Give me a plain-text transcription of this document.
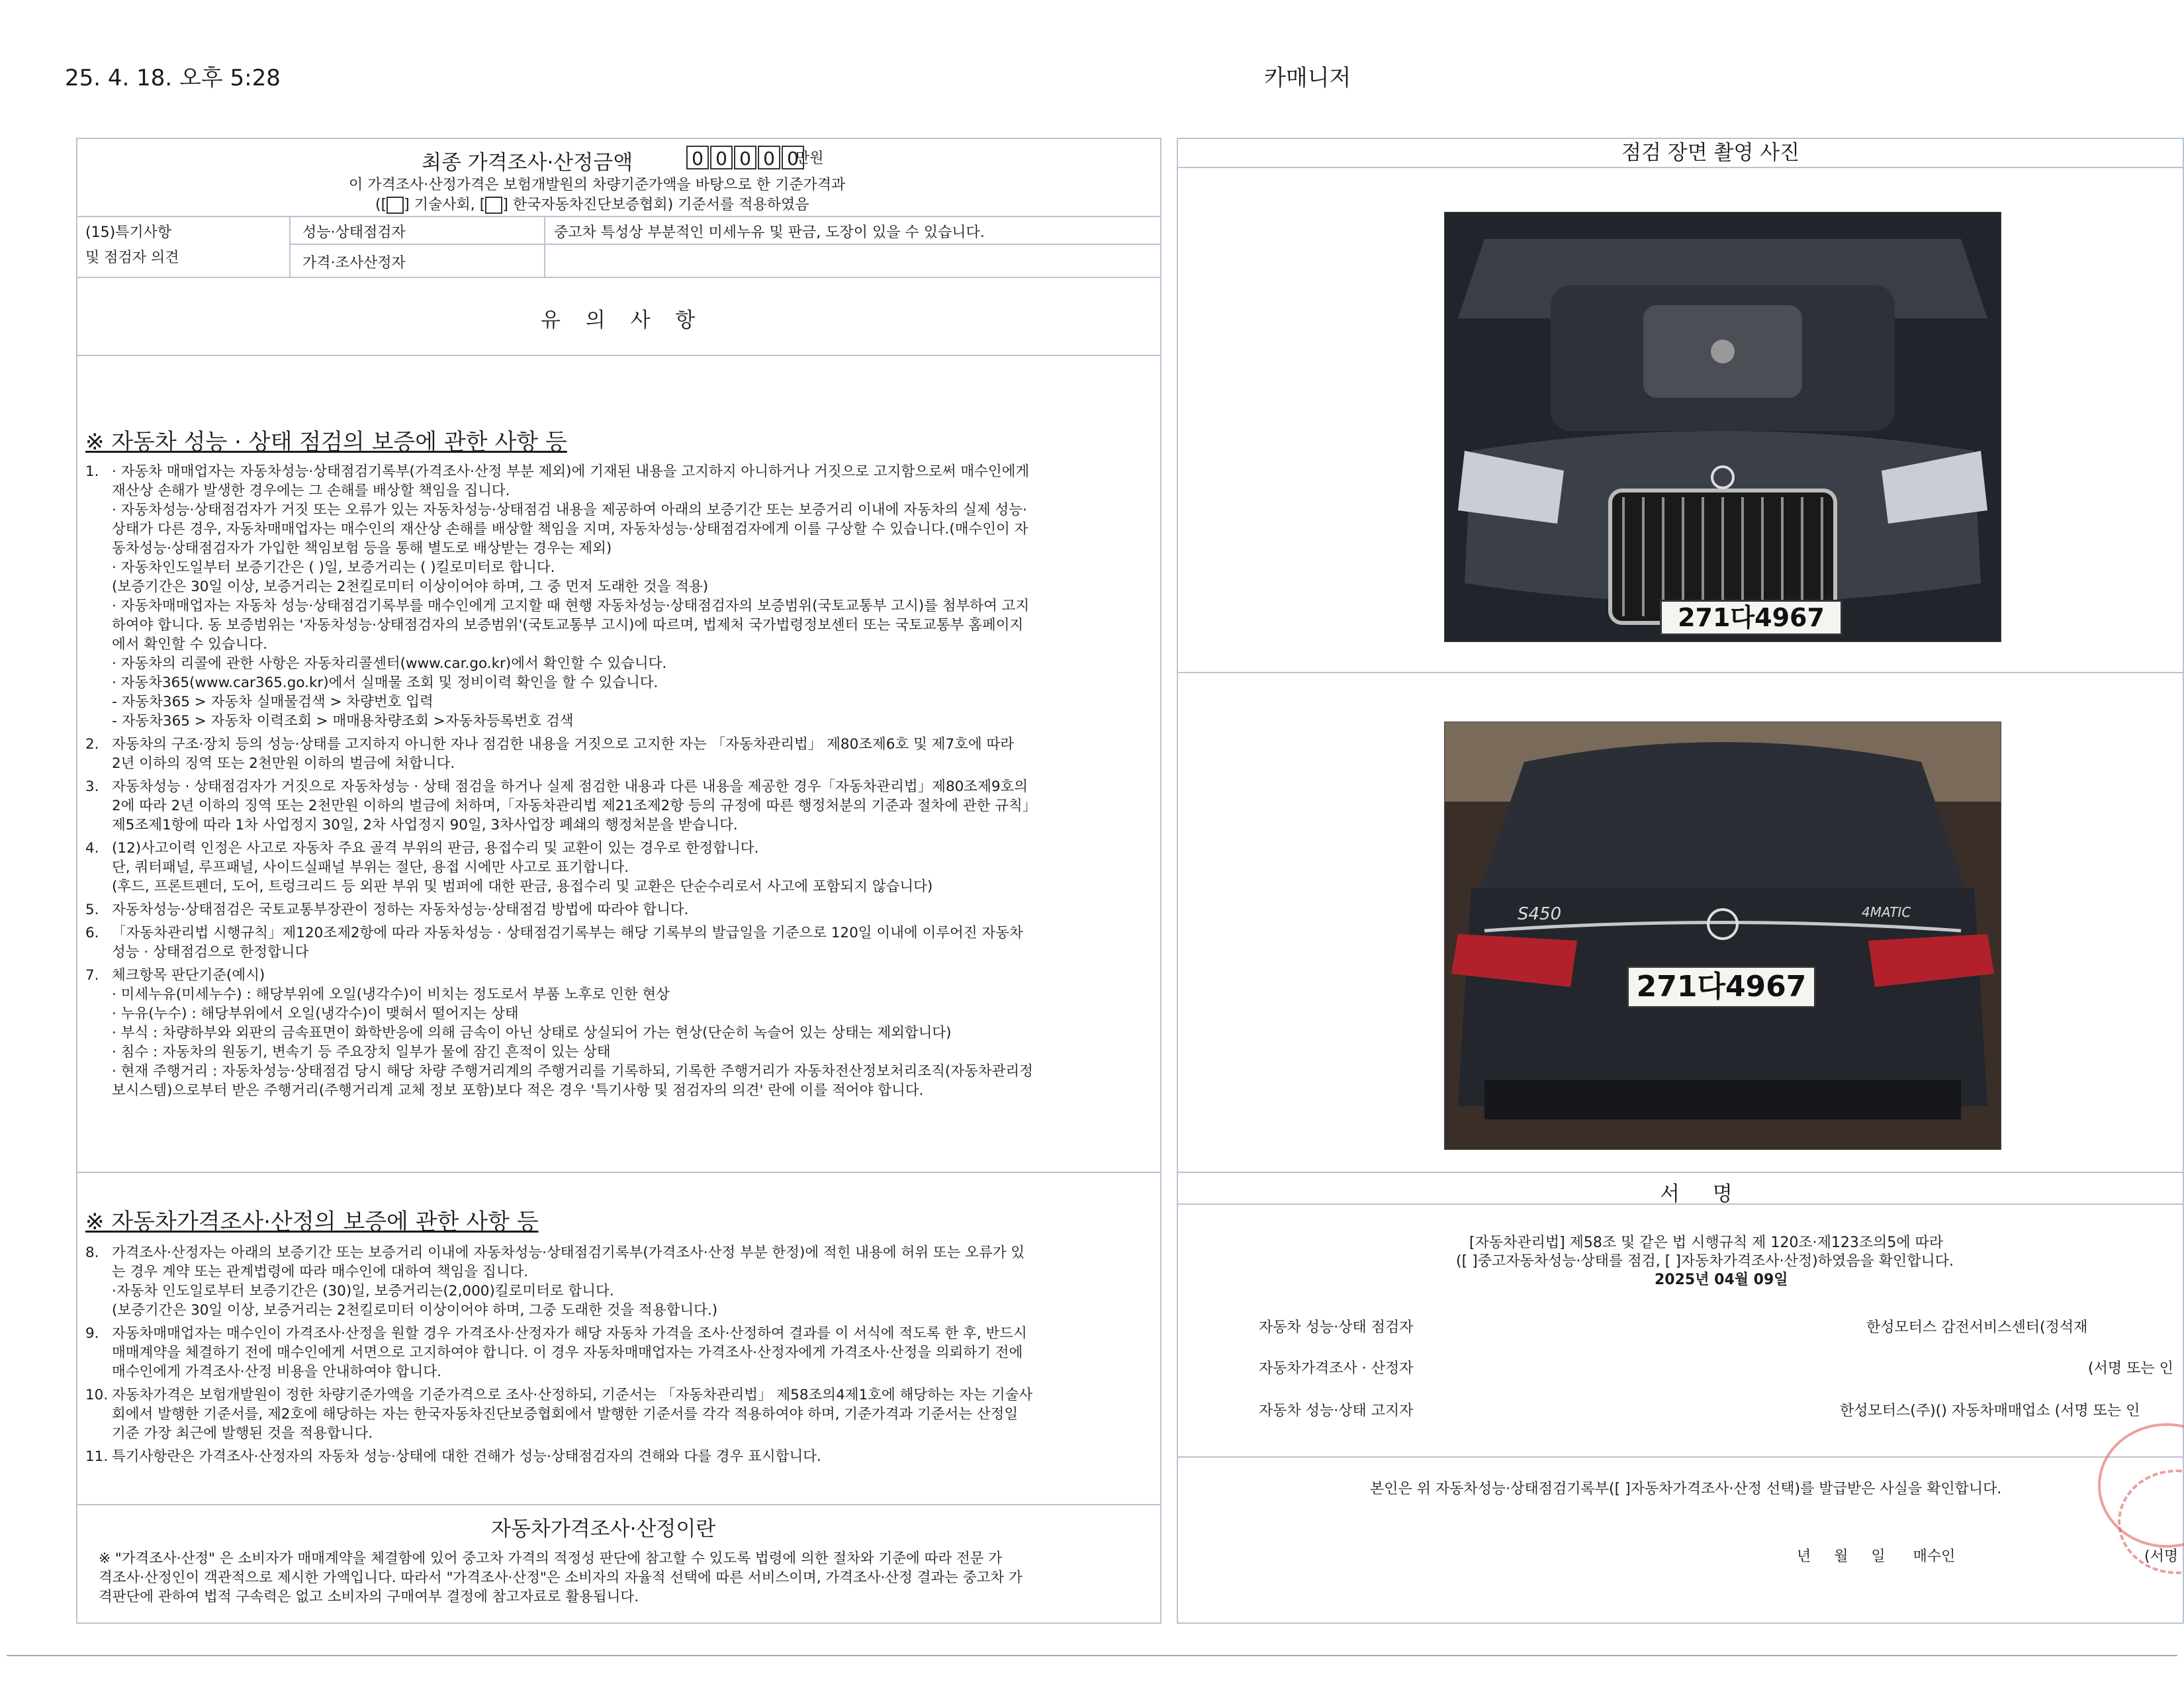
25. 4. 18. 오후 5:28	카매니저
최종 가격조사·산정금액	0 0 0 0 0
만원
이 가격조사·산정가격은 보험개발원의 차량기준가액을 바탕으로 한 기준가격과
([ ] 기술사회, [ ] 한국자동차진단보증협회) 기준서를 적용하였음
(15)특기사항
및 점검자 의견
성능·상태점검자	중고차 특성상 부분적인 미세누유 및 판금, 도장이 있을 수 있습니다.
가격·조사산정자
유 의 사 항
※ 자동차 성능 · 상태 점검의 보증에 관한 사항 등
1. · 자동차 매매업자는 자동차성능·상태점검기록부(가격조사·산정 부분 제외)에 기재된 내용을 고지하지 아니하거나 거짓으로 고지함으로써 매수인에게
재산상 손해가 발생한 경우에는 그 손해를 배상할 책임을 집니다.
· 자동차성능·상태점검자가 거짓 또는 오류가 있는 자동차성능·상태점검 내용을 제공하여 아래의 보증기간 또는 보증거리 이내에 자동차의 실제 성능·
상태가 다른 경우, 자동차매매업자는 매수인의 재산상 손해를 배상할 책임을 지며, 자동차성능·상태점검자에게 이를 구상할 수 있습니다.(매수인이 자
동차성능·상태점검자가 가입한 책임보험 등을 통해 별도로 배상받는 경우는 제외)
· 자동차인도일부터 보증기간은 ( )일, 보증거리는 ( )킬로미터로 합니다.
(보증기간은 30일 이상, 보증거리는 2천킬로미터 이상이어야 하며, 그 중 먼저 도래한 것을 적용)
· 자동차매매업자는 자동차 성능·상태점검기록부를 매수인에게 고지할 때 현행 자동차성능·상태점검자의 보증범위(국토교통부 고시)를 첨부하여 고지
하여야 합니다. 동 보증범위는 '자동차성능·상태점검자의 보증범위'(국토교통부 고시)에 따르며, 법제처 국가법령정보센터 또는 국토교통부 홈페이지
에서 확인할 수 있습니다.
· 자동차의 리콜에 관한 사항은 자동차리콜센터(www.car.go.kr)에서 확인할 수 있습니다.
· 자동차365(www.car365.go.kr)에서 실매물 조회 및 정비이력 확인을 할 수 있습니다.
- 자동차365 > 자동차 실매물검색 > 차량번호 입력
- 자동차365 > 자동차 이력조회 > 매매용차량조회 >자동차등록번호 검색
2. 자동차의 구조·장치 등의 성능·상태를 고지하지 아니한 자나 점검한 내용을 거짓으로 고지한 자는 「자동차관리법」 제80조제6호 및 제7호에 따라
2년 이하의 징역 또는 2천만원 이하의 벌금에 처합니다.
3. 자동차성능 · 상태점검자가 거짓으로 자동차성능 · 상태 점검을 하거나 실제 점검한 내용과 다른 내용을 제공한 경우「자동차관리법」제80조제9호의
2에 따라 2년 이하의 징역 또는 2천만원 이하의 벌금에 처하며,「자동차관리법 제21조제2항 등의 규정에 따른 행정처분의 기준과 절차에 관한 규칙」
제5조제1항에 따라 1차 사업정지 30일, 2차 사업정지 90일, 3차사업장 폐쇄의 행정처분을 받습니다.
4. (12)사고이력 인정은 사고로 자동차 주요 골격 부위의 판금, 용접수리 및 교환이 있는 경우로 한정합니다.
단, 쿼터패널, 루프패널, 사이드실패널 부위는 절단, 용접 시에만 사고로 표기합니다.
(후드, 프론트펜더, 도어, 트렁크리드 등 외판 부위 및 범퍼에 대한 판금, 용접수리 및 교환은 단순수리로서 사고에 포함되지 않습니다)
5. 자동차성능·상태점검은 국토교통부장관이 정하는 자동차성능·상태점검 방법에 따라야 합니다.
6. 「자동차관리법 시행규칙」제120조제2항에 따라 자동차성능 · 상태점검기록부는 해당 기록부의 발급일을 기준으로 120일 이내에 이루어진 자동차
성능 · 상태점검으로 한정합니다
7. 체크항목 판단기준(예시)
· 미세누유(미세누수) : 해당부위에 오일(냉각수)이 비치는 정도로서 부품 노후로 인한 현상
· 누유(누수) : 해당부위에서 오일(냉각수)이 맺혀서 떨어지는 상태
· 부식 : 차량하부와 외판의 금속표면이 화학반응에 의해 금속이 아닌 상태로 상실되어 가는 현상(단순히 녹슬어 있는 상태는 제외합니다)
· 침수 : 자동차의 원동기, 변속기 등 주요장치 일부가 물에 잠긴 흔적이 있는 상태
· 현재 주행거리 : 자동차성능·상태점검 당시 해당 차량 주행거리계의 주행거리를 기록하되, 기록한 주행거리가 자동차전산정보처리조직(자동차관리정
보시스템)으로부터 받은 주행거리(주행거리계 교체 정보 포함)보다 적은 경우 '특기사항 및 점검자의 의견' 란에 이를 적어야 합니다.
※ 자동차가격조사·산정의 보증에 관한 사항 등
8. 가격조사·산정자는 아래의 보증기간 또는 보증거리 이내에 자동차성능·상태점검기록부(가격조사·산정 부분 한정)에 적힌 내용에 허위 또는 오류가 있
는 경우 계약 또는 관계법령에 따라 매수인에 대하여 책임을 집니다.
·자동차 인도일로부터 보증기간은 (30)일, 보증거리는(2,000)킬로미터로 합니다.
(보증기간은 30일 이상, 보증거리는 2천킬로미터 이상이어야 하며, 그중 도래한 것을 적용합니다.)
9. 자동차매매업자는 매수인이 가격조사·산정을 원할 경우 가격조사·산정자가 해당 자동차 가격을 조사·산정하여 결과를 이 서식에 적도록 한 후, 반드시
매매계약을 체결하기 전에 매수인에게 서면으로 고지하여야 합니다. 이 경우 자동차매매업자는 가격조사·산정자에게 가격조사·산정을 의뢰하기 전에
매수인에게 가격조사·산정 비용을 안내하여야 합니다.
10. 자동차가격은 보험개발원이 정한 차량기준가액을 기준가격으로 조사·산정하되, 기준서는 「자동차관리법」 제58조의4제1호에 해당하는 자는 기술사
회에서 발행한 기준서를, 제2호에 해당하는 자는 한국자동차진단보증협회에서 발행한 기준서를 각각 적용하여야 하며, 기준가격과 기준서는 산정일
기준 가장 최근에 발행된 것을 적용합니다.
11. 특기사항란은 가격조사·산정자의 자동차 성능·상태에 대한 견해가 성능·상태점검자의 견해와 다를 경우 표시합니다.
자동차가격조사·산정이란
※ "가격조사·산정" 은 소비자가 매매계약을 체결함에 있어 중고차 가격의 적정성 판단에 참고할 수 있도록 법령에 의한 절차와 기준에 따라 전문 가
격조사·산정인이 객관적으로 제시한 가액입니다. 따라서 "가격조사·산정"은 소비자의 자율적 선택에 따른 서비스이며, 가격조사·산정 결과는 중고차 가
격판단에 관하여 법적 구속력은 없고 소비자의 구매여부 결정에 참고자료로 활용됩니다.
점검 장면 촬영 사진
271다4967
S450	4MATIC
271다4967
서 명
[자동차관리법] 제58조 및 같은 법 시행규칙 제 120조·제123조의5에 따라
([ ]중고자동차성능·상태를 점검, [ ]자동차가격조사·산정)하였음을 확인합니다.
2025년 04월 09일
자동차 성능·상태 점검자	한성모터스 감전서비스센터(정석재
자동차가격조사 · 산정자	(서명 또는 인
자동차 성능·상태 고지자	한성모터스(주)() 자동차매매업소 (서명 또는 인
본인은 위 자동차성능·상태점검기록부([ ]자동차가격조사·산정 선택)를 발급받은 사실을 확인합니다.
년     월     일      매수인	(서명
